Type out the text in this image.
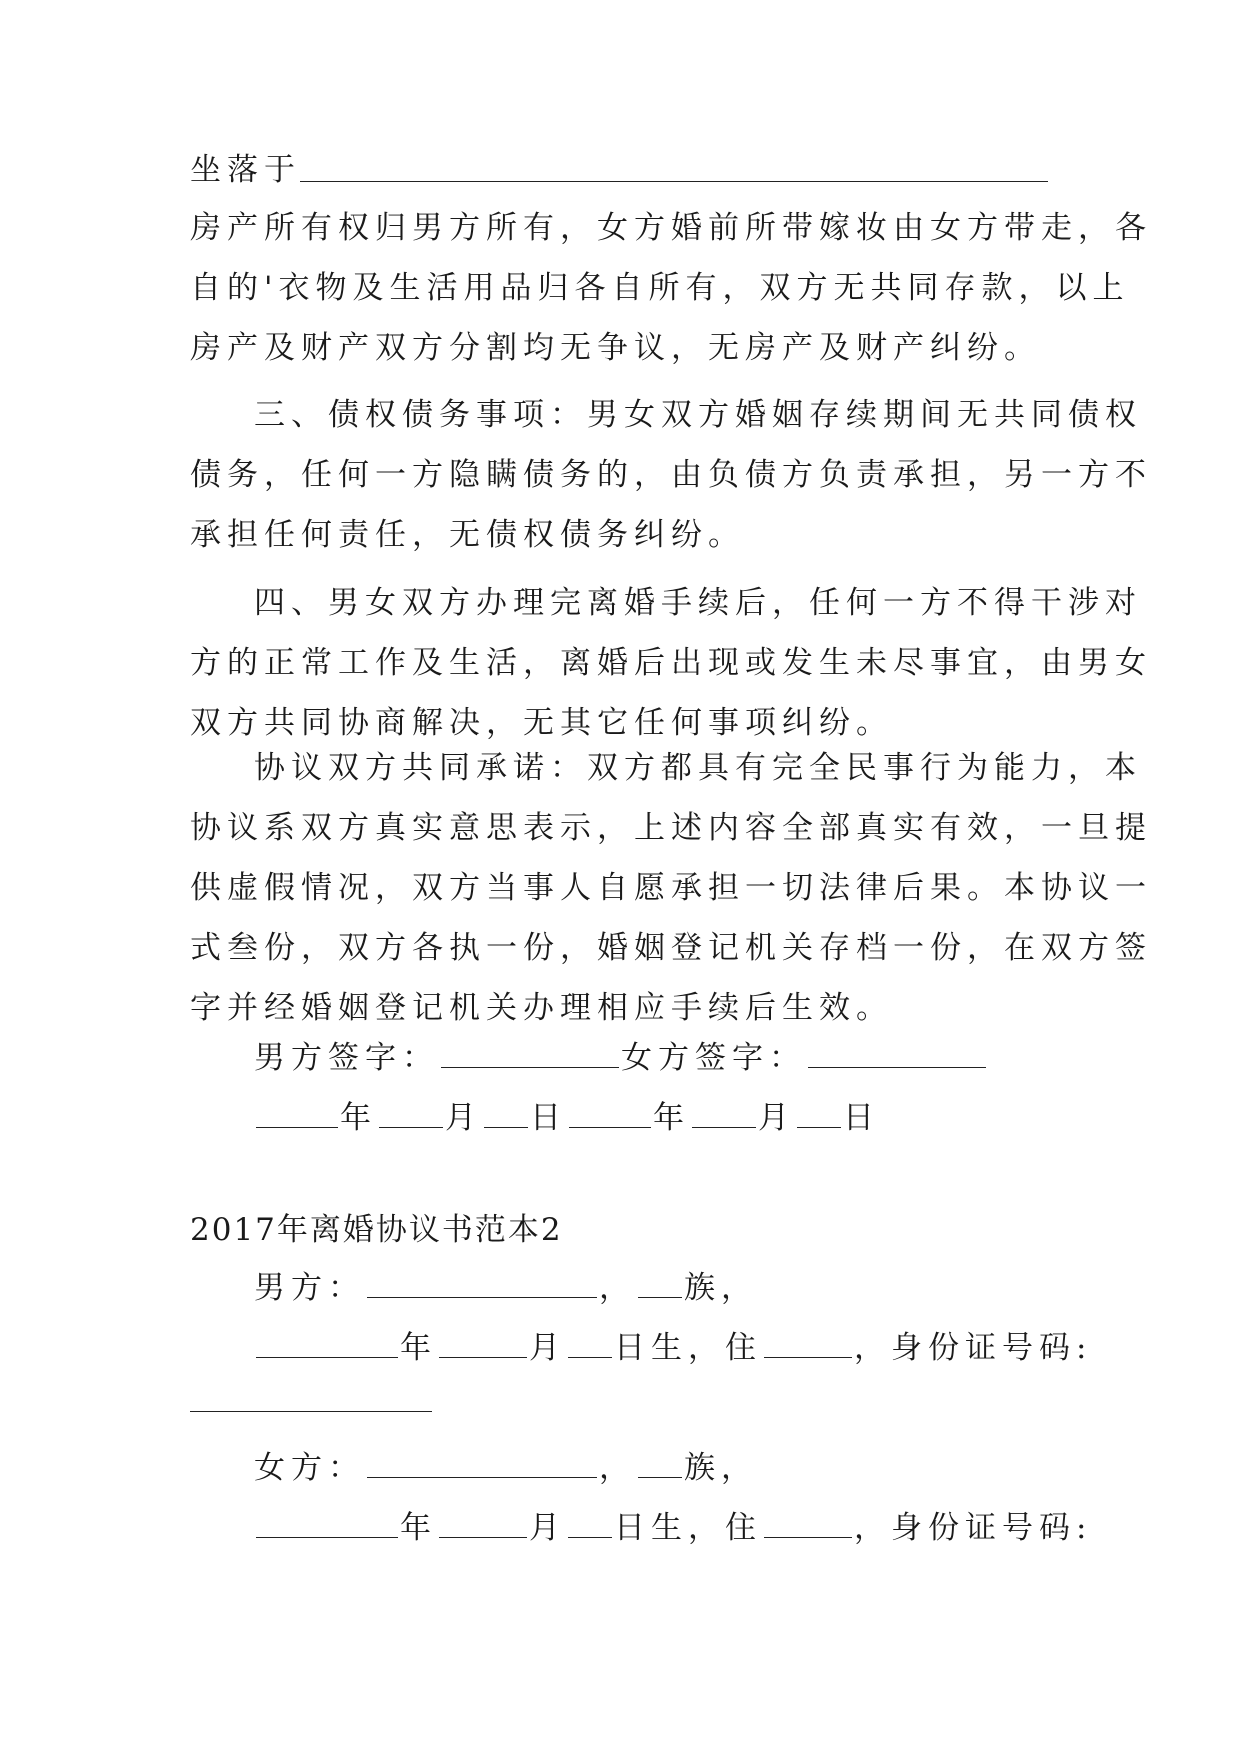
坐落于
房产所有权归男方所有，女方婚前所带嫁妆由女方带走，各
自的'衣物及生活用品归各自所有，双方无共同存款，以上
房产及财产双方分割均无争议，无房产及财产纠纷。
三、债权债务事项：男女双方婚姻存续期间无共同债权
债务，任何一方隐瞒债务的，由负债方负责承担，另一方不
承担任何责任，无债权债务纠纷。
四、男女双方办理完离婚手续后，任何一方不得干涉对
方的正常工作及生活，离婚后出现或发生未尽事宜，由男女
双方共同协商解决，无其它任何事项纠纷。
协议双方共同承诺：双方都具有完全民事行为能力，本
协议系双方真实意思表示，上述内容全部真实有效，一旦提
供虚假情况，双方当事人自愿承担一切法律后果。本协议一
式叁份，双方各执一份，婚姻登记机关存档一份，在双方签
字并经婚姻登记机关办理相应手续后生效。
男方签字：	女方签字：
年 月 日	年 月 日
2017年离婚协议书范本2
男方：	， 族，
年	月 日生，住	，身份证号码:
女方：	， 族，
年	月 日生，住	，身份证号码:
